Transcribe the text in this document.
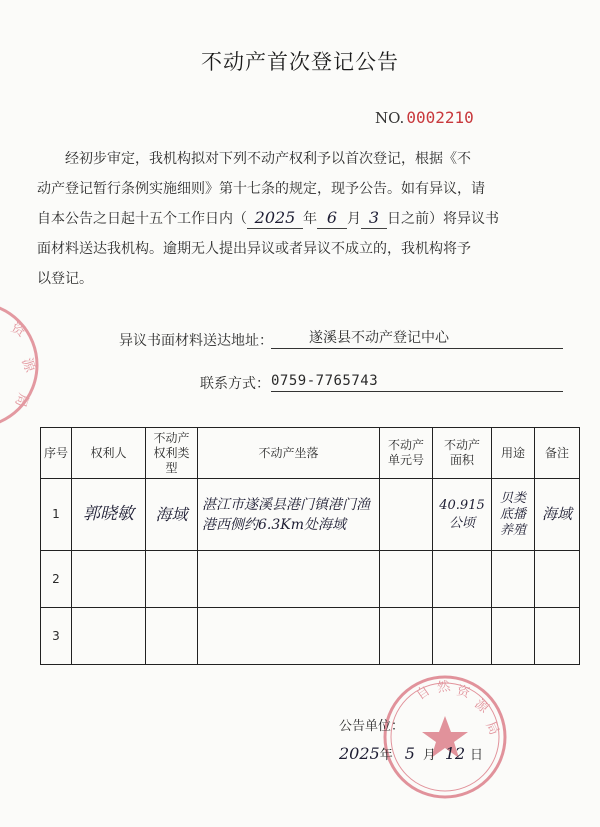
资
源
局
不动产首次登记公告
NO. 0002210
经初步审定，我机构拟对下列不动产权利予以首次登记，根据《不
动产登记暂行条例实施细则》第十七条的规定，现予公告。如有异议，请
自本公告之日起十五个工作日内（ 2025 年 6 月 3 日之前）将异议书
面材料送达我机构。逾期无人提出异议或者异议不成立的，我机构将予
以登记。
异议书面材料送达地址：	遂溪县不动产登记中心
联系方式： 0759-7765743
序号	权利人	不动产权利类型	不动产坐落	不动产单元号	不动产面积	用途	备注
1	郭晓敏	海域	湛江市遂溪县港门镇港门渔港西侧约6.3Km处海域		40.915公顷	贝类底播养殖	海域
2							
3							
自 然 资
源
局
公告单位：
2025年 5 月 12 日
